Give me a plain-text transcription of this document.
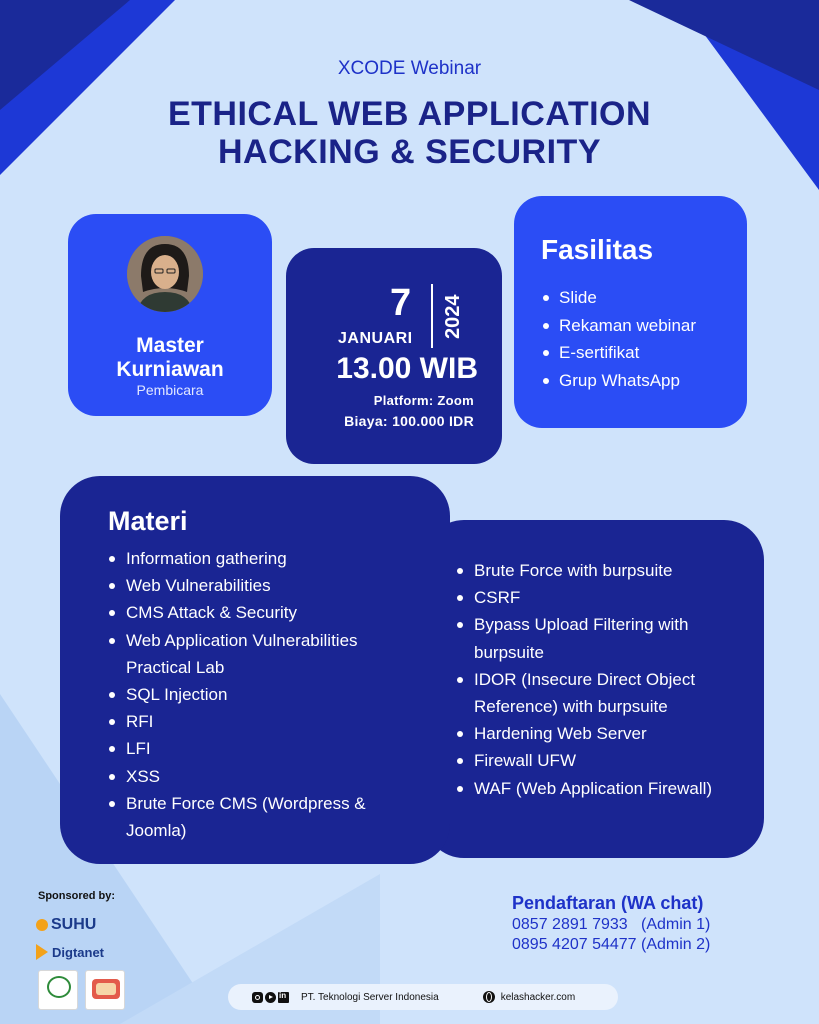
XCODE Webinar
ETHICAL WEB APPLICATION
HACKING & SECURITY
Master
Kurniawan
Pembicara
7
JANUARI 2024
13.00 WIB
Platform: Zoom
Biaya: 100.000 IDR
Fasilitas
Slide
Rekaman webinar
E-sertifikat
Grup WhatsApp
Brute Force with burpsuite
CSRF
Bypass Upload Filtering with burpsuite
IDOR (Insecure Direct Object Reference) with burpsuite
Hardening Web Server
Firewall UFW
WAF (Web Application Firewall)
Materi
Information gathering
Web Vulnerabilities
CMS Attack & Security
Web Application Vulnerabilities Practical Lab
SQL Injection
RFI
LFI
XSS
Brute Force CMS (Wordpress & Joomla)
Sponsored by:
SUHU
Digtanet
Pendaftaran (WA chat)
0857 2891 7933   (Admin 1)
0895 4207 54477 (Admin 2)
in
PT. Teknologi Server Indonesia	kelashacker.com
